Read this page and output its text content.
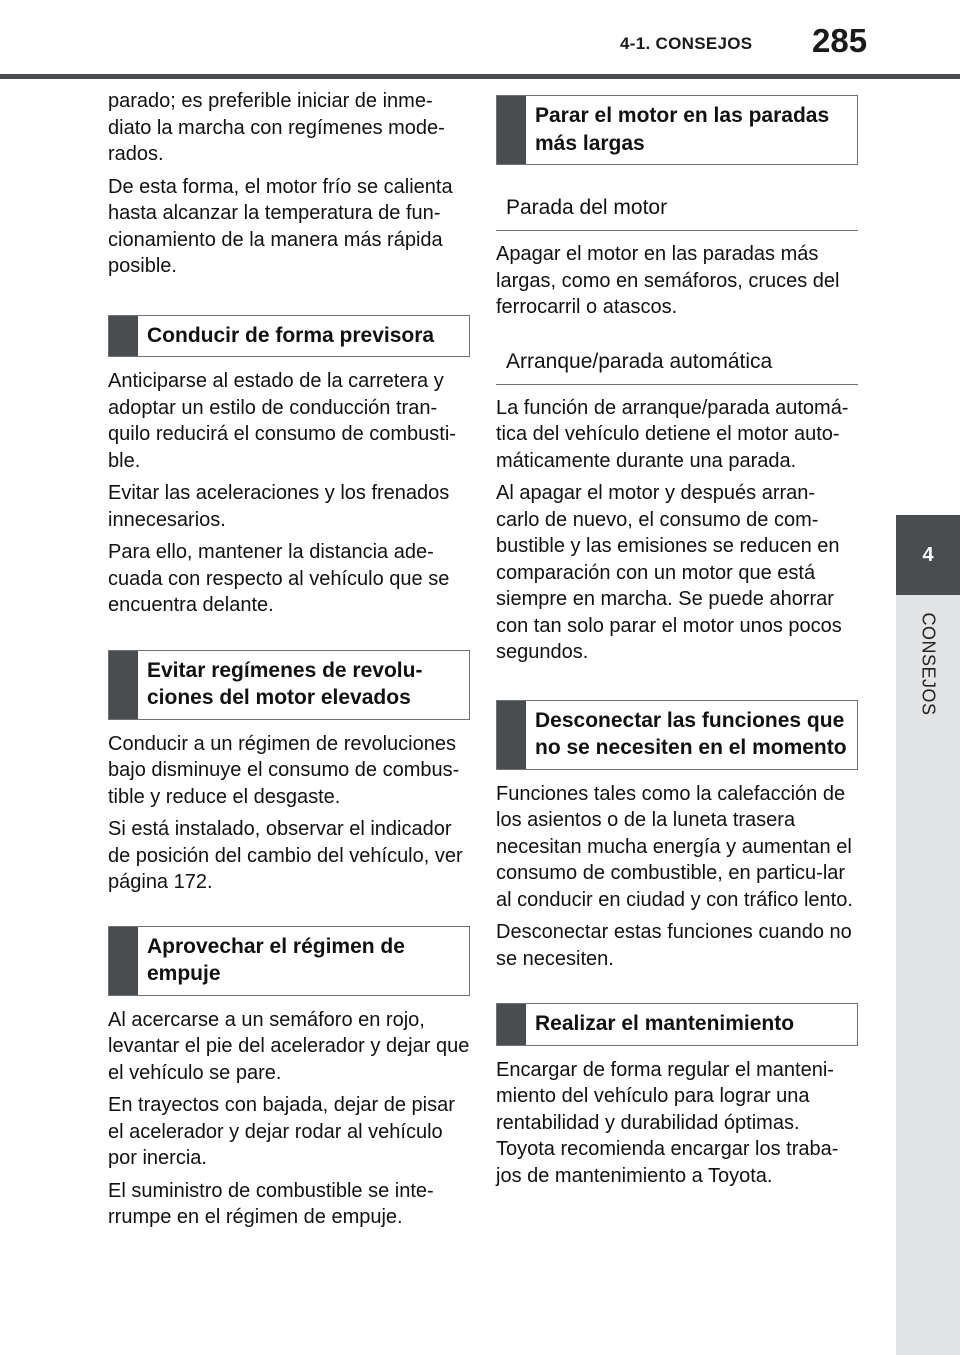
4-1. CONSEJOS 285
4
CONSEJOS

parado; es preferible iniciar de inme-diato la marcha con regímenes mode-rados.

De esta forma, el motor frío se calienta hasta alcanzar la temperatura de fun-cionamiento de la manera más rápida posible.

Conducir de forma previsora

Anticiparse al estado de la carretera y adoptar un estilo de conducción tran-quilo reducirá el consumo de combusti-ble.

Evitar las aceleraciones y los frenados innecesarios.

Para ello, mantener la distancia ade-cuada con respecto al vehículo que se encuentra delante.

Evitar regímenes de revolu-ciones del motor elevados

Conducir a un régimen de revoluciones bajo disminuye el consumo de combus-tible y reduce el desgaste.

Si está instalado, observar el indicador de posición del cambio del vehículo, ver página 172.

Aprovechar el régimen de empuje

Al acercarse a un semáforo en rojo, levantar el pie del acelerador y dejar que el vehículo se pare.

En trayectos con bajada, dejar de pisar el acelerador y dejar rodar al vehículo por inercia.

El suministro de combustible se inte-rrumpe en el régimen de empuje.

Parar el motor en las paradas más largas
Parada del motor

Apagar el motor en las paradas más largas, como en semáforos, cruces del ferrocarril o atascos.

Arranque/parada automática

La función de arranque/parada automá-tica del vehículo detiene el motor auto-máticamente durante una parada.

Al apagar el motor y después arran-carlo de nuevo, el consumo de com-bustible y las emisiones se reducen en comparación con un motor que está siempre en marcha. Se puede ahorrar con tan solo parar el motor unos pocos segundos.

Desconectar las funciones que no se necesiten en el momento

Funciones tales como la calefacción de los asientos o de la luneta trasera necesitan mucha energía y aumentan el consumo de combustible, en particu-lar al conducir en ciudad y con tráfico lento.

Desconectar estas funciones cuando no se necesiten.

Realizar el mantenimiento

Encargar de forma regular el manteni-miento del vehículo para lograr una rentabilidad y durabilidad óptimas. Toyota recomienda encargar los traba-jos de mantenimiento a Toyota.
